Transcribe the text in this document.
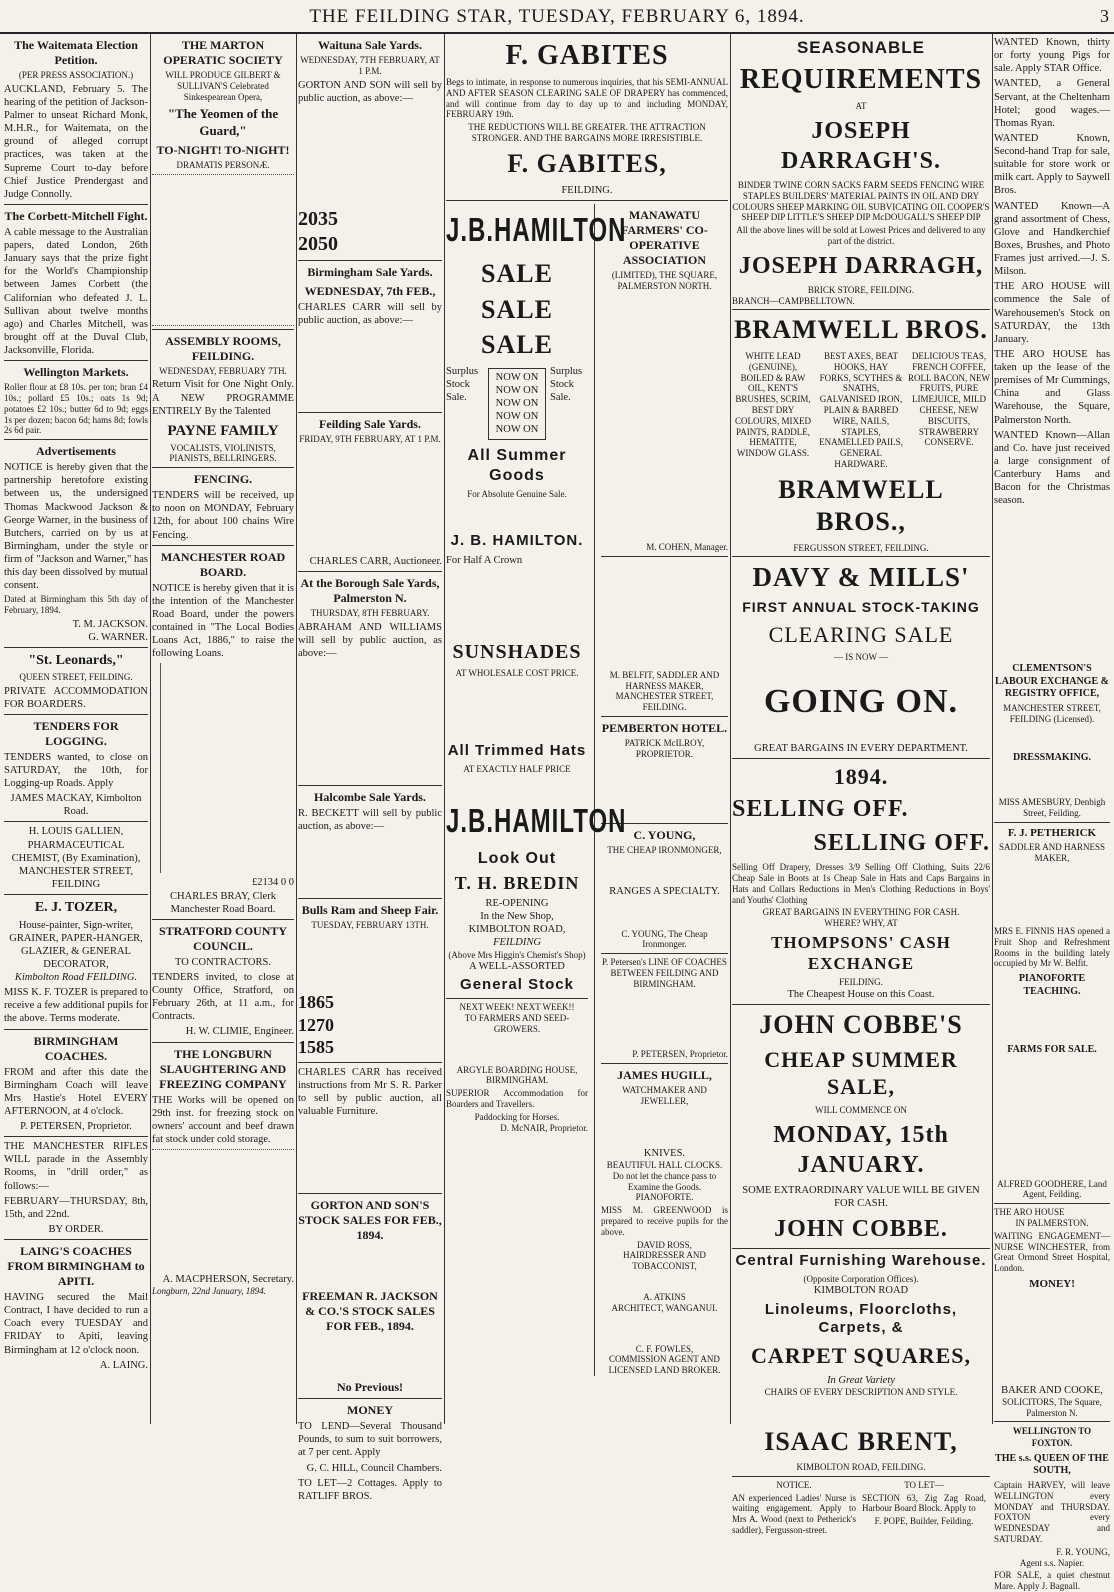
THE FEILDING STAR, TUESDAY, FEBRUARY 6, 1894.	3
The Waitemata Election Petition.
(PER PRESS ASSOCIATION.)

AUCKLAND, February 5. The hearing of the petition of Jackson-Palmer to unseat Richard Monk, M.H.R., for Waitemata, on the ground of alleged corrupt practices, was taken at the Supreme Court to-day before Chief Justice Prendergast and Judge Connolly.

The Corbett-Mitchell Fight.

A cable message to the Australian papers, dated London, 26th January says that the prize fight for the World's Championship between James Corbett (the Californian who defeated J. L. Sullivan about twelve months ago) and Charles Mitchell, was brought off at the Duval Club, Jacksonville, Florida.

Wellington Markets.

Roller flour at £8 10s. per ton; bran £4 10s.; pollard £5 10s.; oats 1s 9d; potatoes £2 10s.; butter 6d to 9d; eggs 1s per dozen; bacon 6d; hams 8d; fowls 2s 6d pair.

Advertisements

NOTICE is hereby given that the partnership heretofore existing between us, the undersigned Thomas Mackwood Jackson & George Warner, in the business of Butchers, carried on by us at Birmingham, under the style or firm of "Jackson and Warner," has this day been dissolved by mutual consent.

Dated at Birmingham this 5th day of February, 1894.

T. M. JACKSON.
G. WARNER.
"St. Leonards,"
QUEEN STREET, FEILDING.

PRIVATE ACCOMMODATION FOR BOARDERS.

TENDERS FOR LOGGING.

TENDERS wanted, to close on SATURDAY, the 10th, for Logging-up Roads. Apply

JAMES MACKAY, Kimbolton Road.
H. LOUIS GALLIEN, PHARMACEUTICAL CHEMIST, (By Examination), MANCHESTER STREET, FEILDING
E. J. TOZER,
House-painter, Sign-writer, GRAINER, PAPER-HANGER, GLAZIER, & GENERAL DECORATOR,
Kimbolton Road FEILDING.

MISS K. F. TOZER is prepared to receive a few additional pupils for the above. Terms moderate.

BIRMINGHAM COACHES.

FROM and after this date the Birmingham Coach will leave Mrs Hastie's Hotel EVERY AFTERNOON, at 4 o'clock.

P. PETERSEN, Proprietor.

THE MANCHESTER RIFLES WILL parade in the Assembly Rooms, in "drill order," as follows:—

FEBRUARY—THURSDAY, 8th, 15th, and 22nd.

BY ORDER.
LAING'S COACHES FROM BIRMINGHAM to APITI.

HAVING secured the Mail Contract, I have decided to run a Coach every TUESDAY and FRIDAY to Apiti, leaving Birmingham at 12 o'clock noon.

A. LAING.
THE MARTON OPERATIC SOCIETY
WILL PRODUCE GILBERT & SULLIVAN'S Celebrated Sinkespearean Opera,
"The Yeomen of the Guard,"
TO-NIGHT! TO-NIGHT!
DRAMATIS PERSONÆ.
ASSEMBLY ROOMS, FEILDING.
WEDNESDAY, FEBRUARY 7TH.

Return Visit for One Night Only. A NEW PROGRAMME ENTIRELY By the Talented

PAYNE FAMILY
VOCALISTS, VIOLINISTS, PIANISTS, BELLRINGERS.
FENCING.

TENDERS will be received, up to noon on MONDAY, February 12th, for about 100 chains Wire Fencing.

MANCHESTER ROAD BOARD.

NOTICE is hereby given that it is the intention of the Manchester Road Board, under the powers contained in "The Local Bodies Loans Act, 1886," to raise the following Loans.

£2134 0 0
CHARLES BRAY, Clerk Manchester Road Board.
STRATFORD COUNTY COUNCIL.
TO CONTRACTORS.

TENDERS invited, to close at County Office, Stratford, on February 26th, at 11 a.m., for Contracts.

H. W. CLIMIE, Engineer.
THE LONGBURN SLAUGHTERING AND FREEZING COMPANY

THE Works will be opened on 29th inst. for freezing stock on owners' account and beef drawn fat stock under cold storage.

A. MACPHERSON, Secretary.
Longburn, 22nd January, 1894.
Waituna Sale Yards.
WEDNESDAY, 7TH FEBRUARY, AT 1 P.M.

GORTON AND SON will sell by public auction, as above:—

2035
2050
Birmingham Sale Yards.
WEDNESDAY, 7th FEB.,

CHARLES CARR will sell by public auction, as above:—

Feilding Sale Yards.
FRIDAY, 9TH FEBRUARY, AT 1 P.M.
CHARLES CARR, Auctioneer.
At the Borough Sale Yards, Palmerston N.
THURSDAY, 8TH FEBRUARY.

ABRAHAM AND WILLIAMS will sell by public auction, as above:—

Halcombe Sale Yards.

R. BECKETT will sell by public auction, as above:—

Bulls Ram and Sheep Fair.
TUESDAY, FEBRUARY 13TH.
1865
1270
1585

CHARLES CARR has received instructions from Mr S. R. Parker to sell by public auction, all valuable Furniture.

GORTON AND SON'S STOCK SALES FOR FEB., 1894.
FREEMAN R. JACKSON & CO.'S STOCK SALES FOR FEB., 1894.
No Previous!
MONEY

TO LEND—Several Thousand Pounds, to sum to suit borrowers, at 7 per cent. Apply

G. C. HILL, Council Chambers.

TO LET—2 Cottages. Apply to RATLIFF BROS.

F. GABITES

Begs to intimate, in response to numerous inquiries, that his SEMI-ANNUAL AND AFTER SEASON CLEARING SALE OF DRAPERY has commenced, and will continue from day to day up to and including MONDAY, FEBRUARY 19th.

THE REDUCTIONS WILL BE GREATER. THE ATTRACTION STRONGER. AND THE BARGAINS MORE IRRESISTIBLE.

F. GABITES,
FEILDING.
J.B.HAMILTON
SALE
SALE
SALE
Surplus Stock Sale.
NOW ON
NOW ON
NOW ON
NOW ON
NOW ON
Surplus Stock Sale.
All Summer Goods
For Absolute Genuine Sale.
J. B. HAMILTON.
For Half A Crown
SUNSHADES
AT WHOLESALE COST PRICE.
All Trimmed Hats
AT EXACTLY HALF PRICE
J.B.HAMILTON
Look Out
T. H. BREDIN
RE-OPENING
In the New Shop,
KIMBOLTON ROAD,
FEILDING
(Above Mrs Higgin's Chemist's Shop)
A WELL-ASSORTED
General Stock
NEXT WEEK! NEXT WEEK!!
TO FARMERS AND SEED-GROWERS.
ARGYLE BOARDING HOUSE, BIRMINGHAM.

SUPERIOR Accommodation for Boarders and Travellers.

Paddocking for Horses.
D. McNAIR, Proprietor.
MANAWATU FARMERS' CO-OPERATIVE ASSOCIATION
(LIMITED), THE SQUARE, PALMERSTON NORTH.
M. COHEN, Manager.
M. BELFIT, SADDLER AND HARNESS MAKER, MANCHESTER STREET, FEILDING.
PEMBERTON HOTEL.
PATRICK McILROY, PROPRIETOR.
C. YOUNG,
THE CHEAP IRONMONGER,
RANGES A SPECIALTY.
C. YOUNG, The Cheap Ironmonger.
P. Petersen's LINE OF COACHES BETWEEN FEILDING AND BIRMINGHAM.
P. PETERSEN, Proprietor.
JAMES HUGILL,
WATCHMAKER AND JEWELLER,
KNIVES.
BEAUTIFUL HALL CLOCKS.
Do not let the chance pass to Examine the Goods.
PIANOFORTE.

MISS M. GREENWOOD is prepared to receive pupils for the above.

DAVID ROSS,
HAIRDRESSER AND TOBACCONIST,
A. ATKINS
ARCHITECT, WANGANUI.
C. F. FOWLES,
COMMISSION AGENT AND LICENSED LAND BROKER.
SEASONABLE
REQUIREMENTS
AT
JOSEPH DARRAGH'S.

BINDER TWINE CORN SACKS FARM SEEDS FENCING WIRE STAPLES BUILDERS' MATERIAL PAINTS IN OIL AND DRY COLOURS SHEEP MARKING OIL SUBVICATING OIL COOPER'S SHEEP DIP LITTLE'S SHEEP DIP McDOUGALL'S SHEEP DIP

All the above lines will be sold at Lowest Prices and delivered to any part of the district.

JOSEPH DARRAGH,
BRICK STORE, FEILDING.
BRANCH—CAMPBELLTOWN.
BRAMWELL BROS.
WHITE LEAD (GENUINE), BOILED & RAW OIL, KENT'S BRUSHES, SCRIM, BEST DRY COLOURS, MIXED PAINTS, RADDLE, HEMATITE, WINDOW GLASS.
BEST AXES, BEAT HOOKS, HAY FORKS, SCYTHES & SNATHS, GALVANISED IRON, PLAIN & BARBED WIRE, NAILS, STAPLES, ENAMELLED PAILS, GENERAL HARDWARE.
DELICIOUS TEAS, FRENCH COFFEE, ROLL BACON, NEW FRUITS, PURE LIMEJUICE, MILD CHEESE, NEW BISCUITS, STRAWBERRY CONSERVE.
BRAMWELL BROS.,
FERGUSSON STREET, FEILDING.
DAVY & MILLS'
FIRST ANNUAL STOCK-TAKING
CLEARING SALE
— IS NOW —
GOING ON.
GREAT BARGAINS IN EVERY DEPARTMENT.
1894.
SELLING OFF.
SELLING OFF.

Selling Off Drapery, Dresses 3/9 Selling Off Clothing, Suits 22/6 Cheap Sale in Boots at 1s Cheap Sale in Hats and Caps Bargains in Hats and Collars Reductions in Men's Clothing Reductions in Boys' and Youths' Clothing

GREAT BARGAINS IN EVERYTHING FOR CASH.
WHERE? WHY, AT
THOMPSONS' CASH EXCHANGE
FEILDING.
The Cheapest House on this Coast.
JOHN COBBE'S
CHEAP SUMMER SALE,
WILL COMMENCE ON
MONDAY, 15th JANUARY.
SOME EXTRAORDINARY VALUE WILL BE GIVEN
FOR CASH.
JOHN COBBE.
Central Furnishing Warehouse.
(Opposite Corporation Offices).
KIMBOLTON ROAD
Linoleums, Floorcloths, Carpets, &
CARPET SQUARES,
In Great Variety
CHAIRS OF EVERY DESCRIPTION AND STYLE.
ISAAC BRENT,
KIMBOLTON ROAD, FEILDING.
NOTICE.

AN experienced Ladies' Nurse is waiting engagement. Apply to Mrs A. Wood (next to Petherick's saddler), Fergusson-street.

TO LET—

SECTION 63, Zig Zag Road, Harbour Board Block. Apply to

F. POPE, Builder, Feilding.

WANTED Known, thirty or forty young Pigs for sale. Apply STAR Office.

WANTED, a General Servant, at the Cheltenham Hotel; good wages.—Thomas Ryan.

WANTED Known, Second-hand Trap for sale, suitable for store work or milk cart. Apply to Saywell Bros.

WANTED Known—A grand assortment of Chess, Glove and Handkerchief Boxes, Brushes, and Photo Frames just arrived.—J. S. Milson.

THE ARO HOUSE will commence the Sale of Warehousemen's Stock on SATURDAY, the 13th January.

THE ARO HOUSE has taken up the lease of the premises of Mr Cummings, China and Glass Warehouse, the Square, Palmerston North.

WANTED Known—Allan and Co. have just received a large consignment of Canterbury Hams and Bacon for the Christmas season.

CLEMENTSON'S LABOUR EXCHANGE & REGISTRY OFFICE,
MANCHESTER STREET, FEILDING (Licensed).
DRESSMAKING.
MISS AMESBURY, Denbigh Street, Feilding.
F. J. PETHERICK
SADDLER AND HARNESS MAKER,

MRS E. FINNIS HAS opened a Fruit Shop and Refreshment Rooms in the building lately occupied by Mr W. Belfit.

PIANOFORTE TEACHING.
FARMS FOR SALE.
ALFRED GOODHERE, Land Agent, Feilding.
THE ARO HOUSE
IN PALMERSTON.

WAITING ENGAGEMENT—NURSE WINCHESTER, from Great Ormond Street Hospital, London.

MONEY!
BAKER AND COOKE,
SOLICITORS, The Square, Palmerston N.
WELLINGTON TO FOXTON.
THE s.s. QUEEN OF THE SOUTH,

Captain HARVEY, will leave WELLINGTON every MONDAY and THURSDAY. FOXTON every WEDNESDAY and SATURDAY.

F. R. YOUNG,
Agent s.s. Napier.

FOR SALE, a quiet chestnut Mare. Apply J. Bagnall.
